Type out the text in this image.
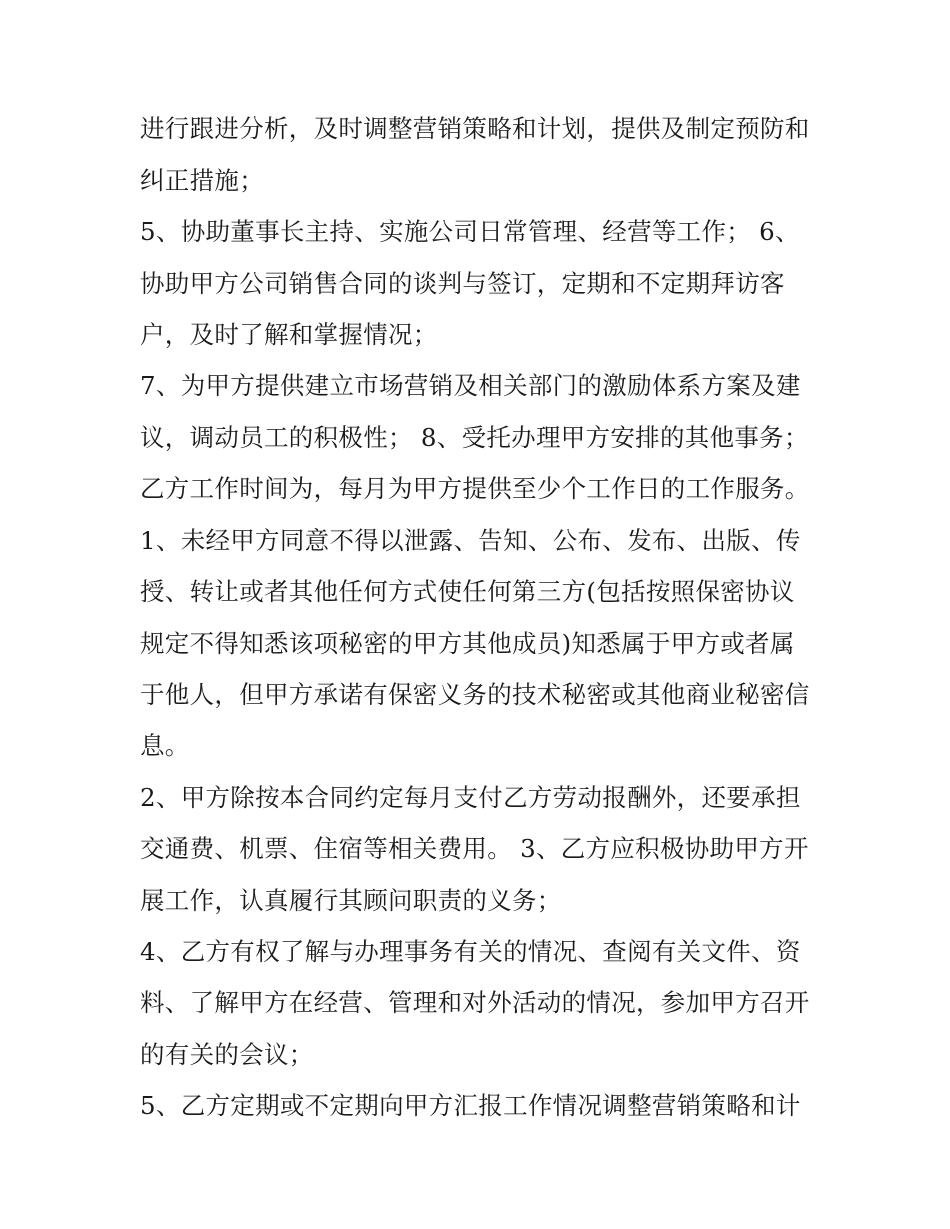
进行跟进分析，及时调整营销策略和计划，提供及制定预防和
纠正措施；
5、协助董事长主持、实施公司日常管理、经营等工作； 6、
协助甲方公司销售合同的谈判与签订，定期和不定期拜访客
户，及时了解和掌握情况；
7、为甲方提供建立市场营销及相关部门的激励体系方案及建
议，调动员工的积极性； 8、受托办理甲方安排的其他事务；
乙方工作时间为，每月为甲方提供至少个工作日的工作服务。
1、未经甲方同意不得以泄露、告知、公布、发布、出版、传
授、转让或者其他任何方式使任何第三方(包括按照保密协议
规定不得知悉该项秘密的甲方其他成员)知悉属于甲方或者属
于他人，但甲方承诺有保密义务的技术秘密或其他商业秘密信
息。
2、甲方除按本合同约定每月支付乙方劳动报酬外，还要承担
交通费、机票、住宿等相关费用。 3、乙方应积极协助甲方开
展工作，认真履行其顾问职责的义务；
4、乙方有权了解与办理事务有关的情况、查阅有关文件、资
料、了解甲方在经营、管理和对外活动的情况，参加甲方召开
的有关的会议；
5、乙方定期或不定期向甲方汇报工作情况调整营销策略和计
